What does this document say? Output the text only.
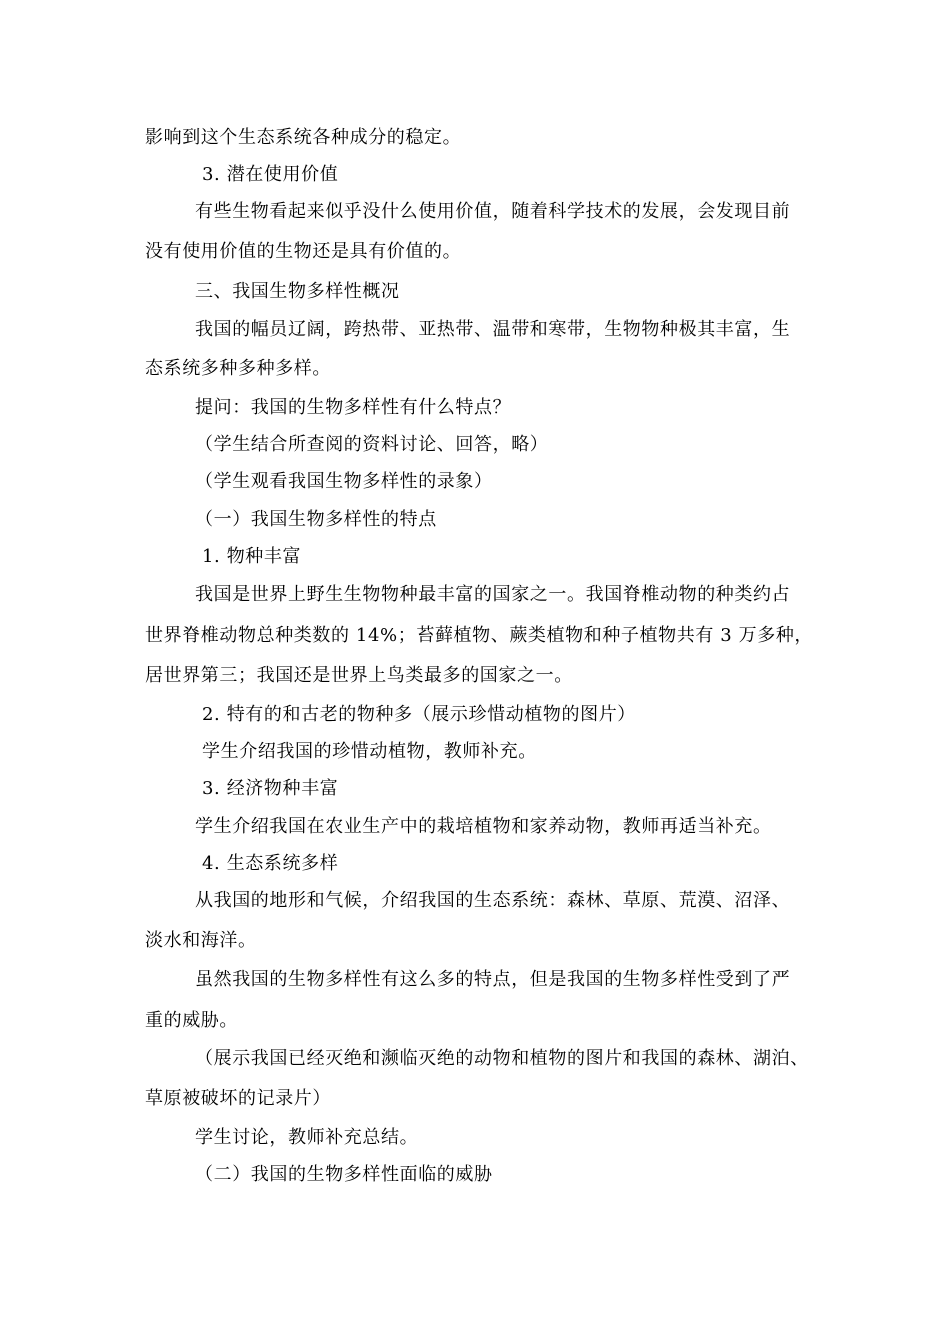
影响到这个生态系统各种成分的稳定。
3. 潜在使用价值
有些生物看起来似乎没什么使用价值，随着科学技术的发展，会发现目前
没有使用价值的生物还是具有价值的。
三、我国生物多样性概况
我国的幅员辽阔，跨热带、亚热带、温带和寒带，生物物种极其丰富，生
态系统多种多种多样。
提问：我国的生物多样性有什么特点？
（学生结合所查阅的资料讨论、回答，略）
（学生观看我国生物多样性的录象）
（一）我国生物多样性的特点
1. 物种丰富
我国是世界上野生生物物种最丰富的国家之一。我国脊椎动物的种类约占
世界脊椎动物总种类数的 14%；苔藓植物、蕨类植物和种子植物共有 3 万多种，
居世界第三；我国还是世界上鸟类最多的国家之一。
2. 特有的和古老的物种多（展示珍惜动植物的图片）
学生介绍我国的珍惜动植物，教师补充。
3. 经济物种丰富
学生介绍我国在农业生产中的栽培植物和家养动物，教师再适当补充。
4. 生态系统多样
从我国的地形和气候，介绍我国的生态系统：森林、草原、荒漠、沼泽、
淡水和海洋。
虽然我国的生物多样性有这么多的特点，但是我国的生物多样性受到了严
重的威胁。
（展示我国已经灭绝和濒临灭绝的动物和植物的图片和我国的森林、湖泊、
草原被破坏的记录片）
学生讨论，教师补充总结。
（二）我国的生物多样性面临的威胁
